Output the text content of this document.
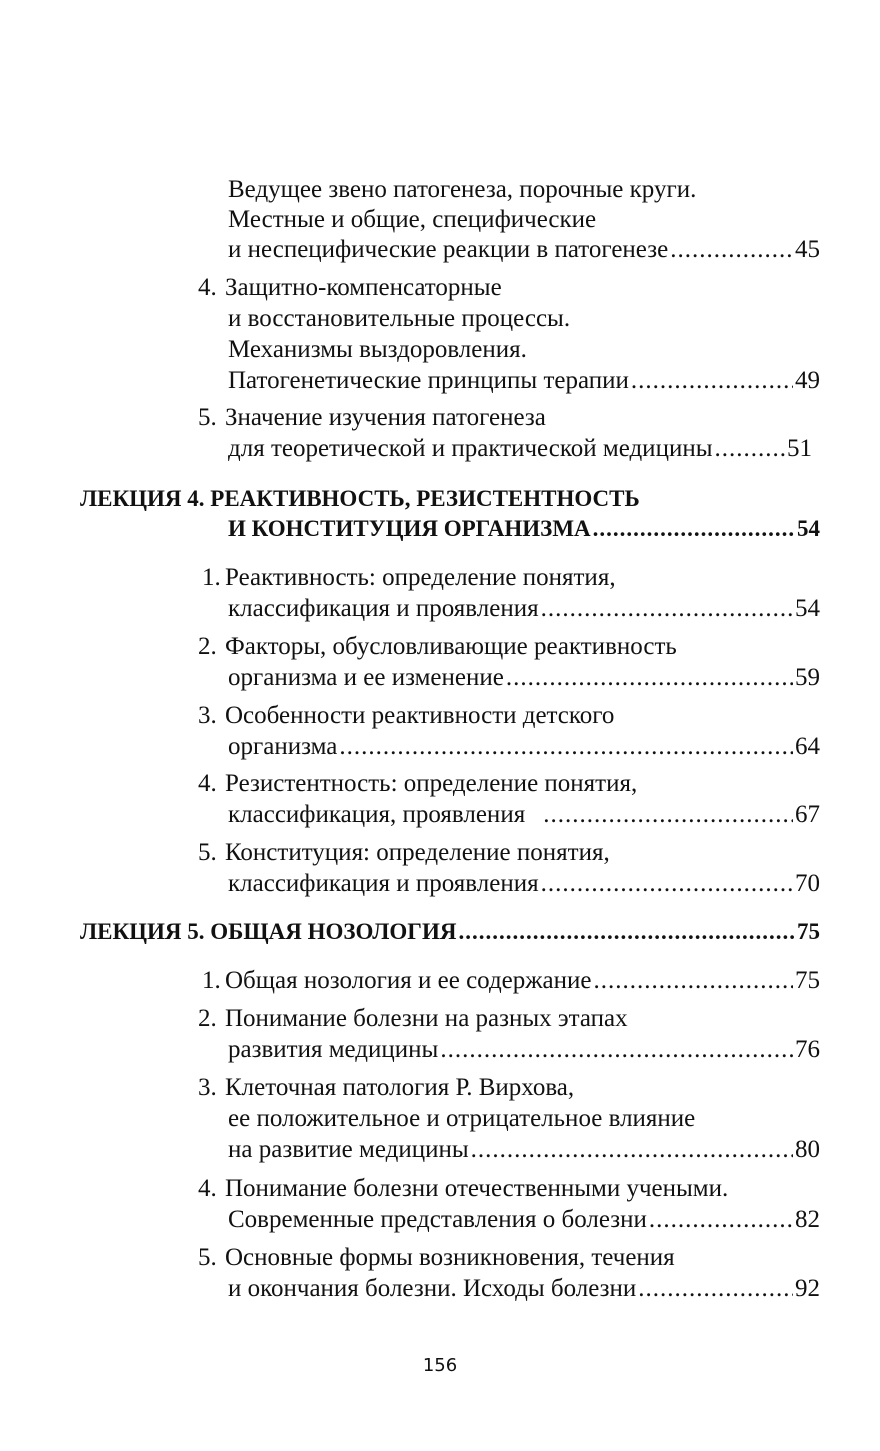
Ведущее звено патогенеза, порочные круги.
Местные и общие, специфические
и неспецифические реакции в патогенезе .....	45
4. Защитно-компенсаторные
и восстановительные процессы.
Механизмы выздоровления.
Патогенетические принципы терапии .....	49
5. Значение изучения патогенеза
для теоретической и практической медицины .....	51
ЛЕКЦИЯ 4. РЕАКТИВНОСТЬ, РЕЗИСТЕНТНОСТЬ
И КОНСТИТУЦИЯ ОРГАНИЗМА .....	54
1. Реактивность: определение понятия,
классификация и проявления .....	54
2. Факторы, обусловливающие реактивность
организма и ее изменение .....	59
3. Особенности реактивности детского
организма .....	64
4. Резистентность: определение понятия,
классификация, проявления .....	67
5. Конституция: определение понятия,
классификация и проявления .....	70
ЛЕКЦИЯ 5. ОБЩАЯ НОЗОЛОГИЯ .....	75
1. Общая нозология и ее содержание .....	75
2. Понимание болезни на разных этапах
развития медицины .....	76
3. Клеточная патология Р. Вирхова,
ее положительное и отрицательное влияние
на развитие медицины .....	80
4. Понимание болезни отечественными учеными.
Современные представления о болезни .....	82
5. Основные формы возникновения, течения
и окончания болезни. Исходы болезни .....	92
156
